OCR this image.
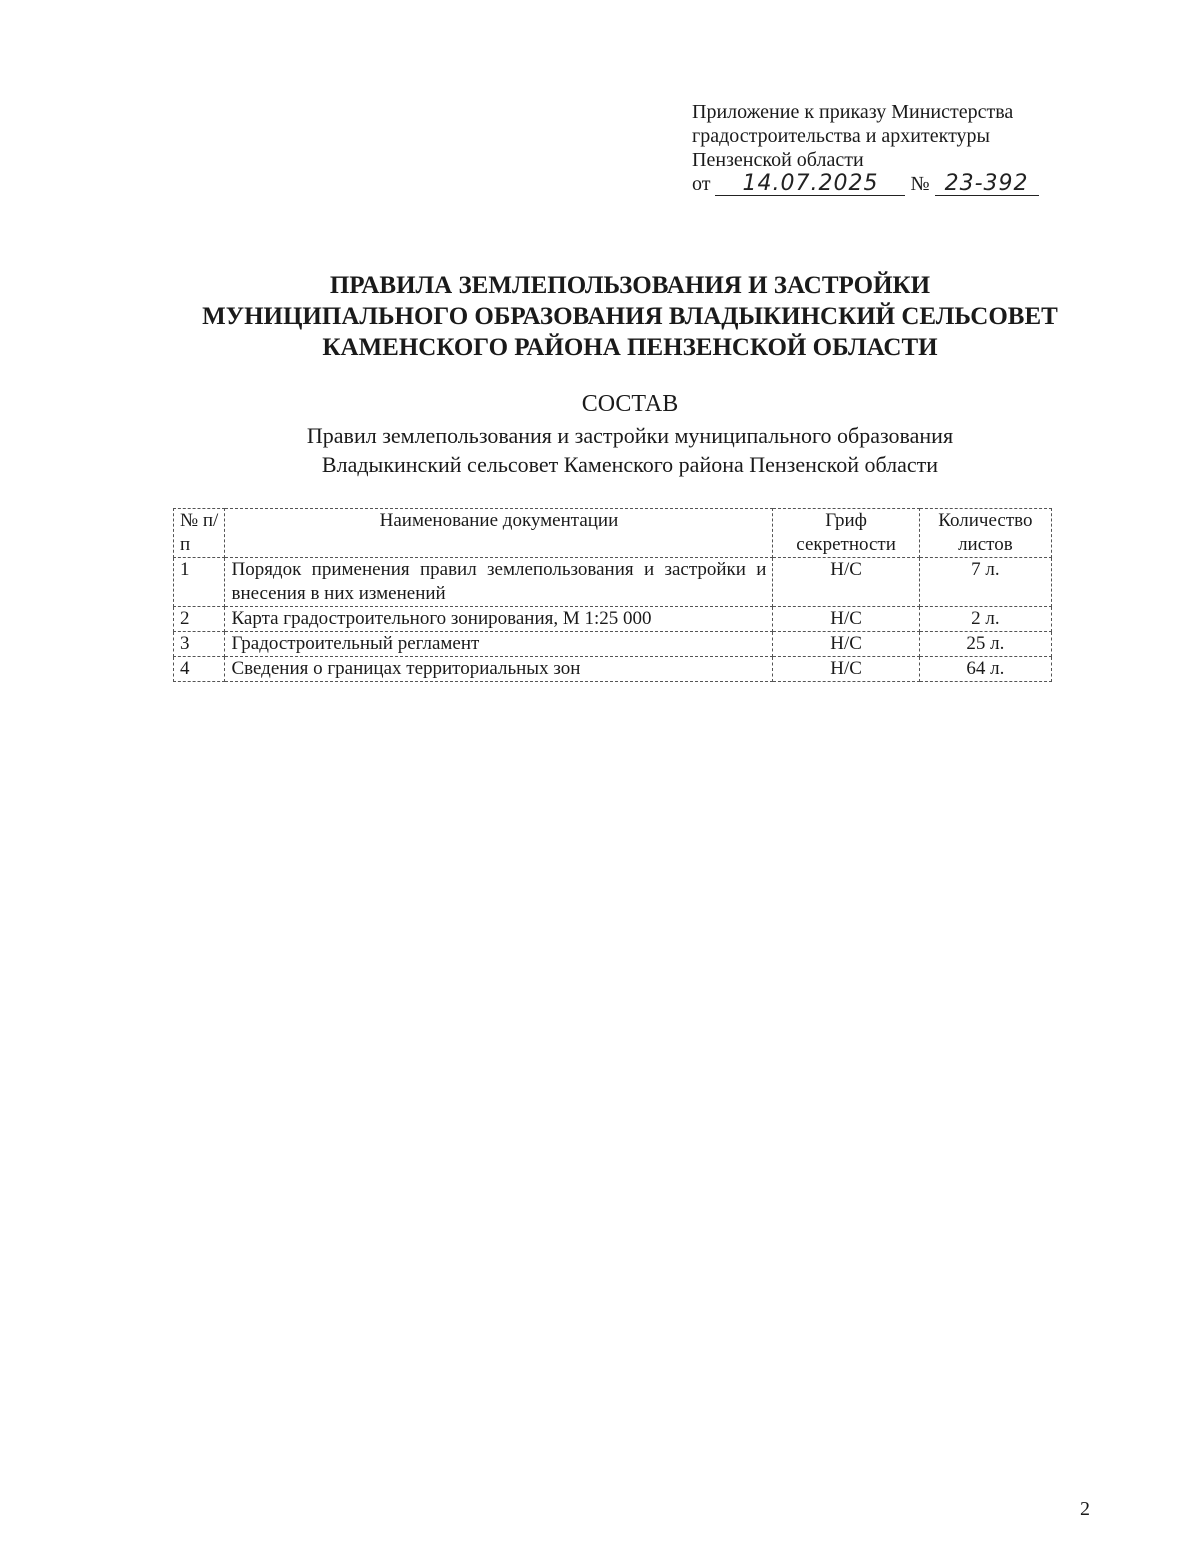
Приложение к приказу Министерства
градостроительства и архитектуры
Пензенской области
от 14.07.2025 № 23-392
ПРАВИЛА ЗЕМЛЕПОЛЬЗОВАНИЯ И ЗАСТРОЙКИ
МУНИЦИПАЛЬНОГО ОБРАЗОВАНИЯ ВЛАДЫКИНСКИЙ СЕЛЬСОВЕТ
КАМЕНСКОГО РАЙОНА ПЕНЗЕНСКОЙ ОБЛАСТИ
СОСТАВ
Правил землепользования и застройки муниципального образования
Владыкинский сельсовет Каменского района Пензенской области
№ п/п	Наименование документации	Гриф секретности	Количество листов
1	Порядок применения правил землепользования и застройки и внесения в них изменений	Н/С	7 л.
2	Карта градостроительного зонирования, М 1:25 000	Н/С	2 л.
3	Градостроительный регламент	Н/С	25 л.
4	Сведения о границах территориальных зон	Н/С	64 л.
2
